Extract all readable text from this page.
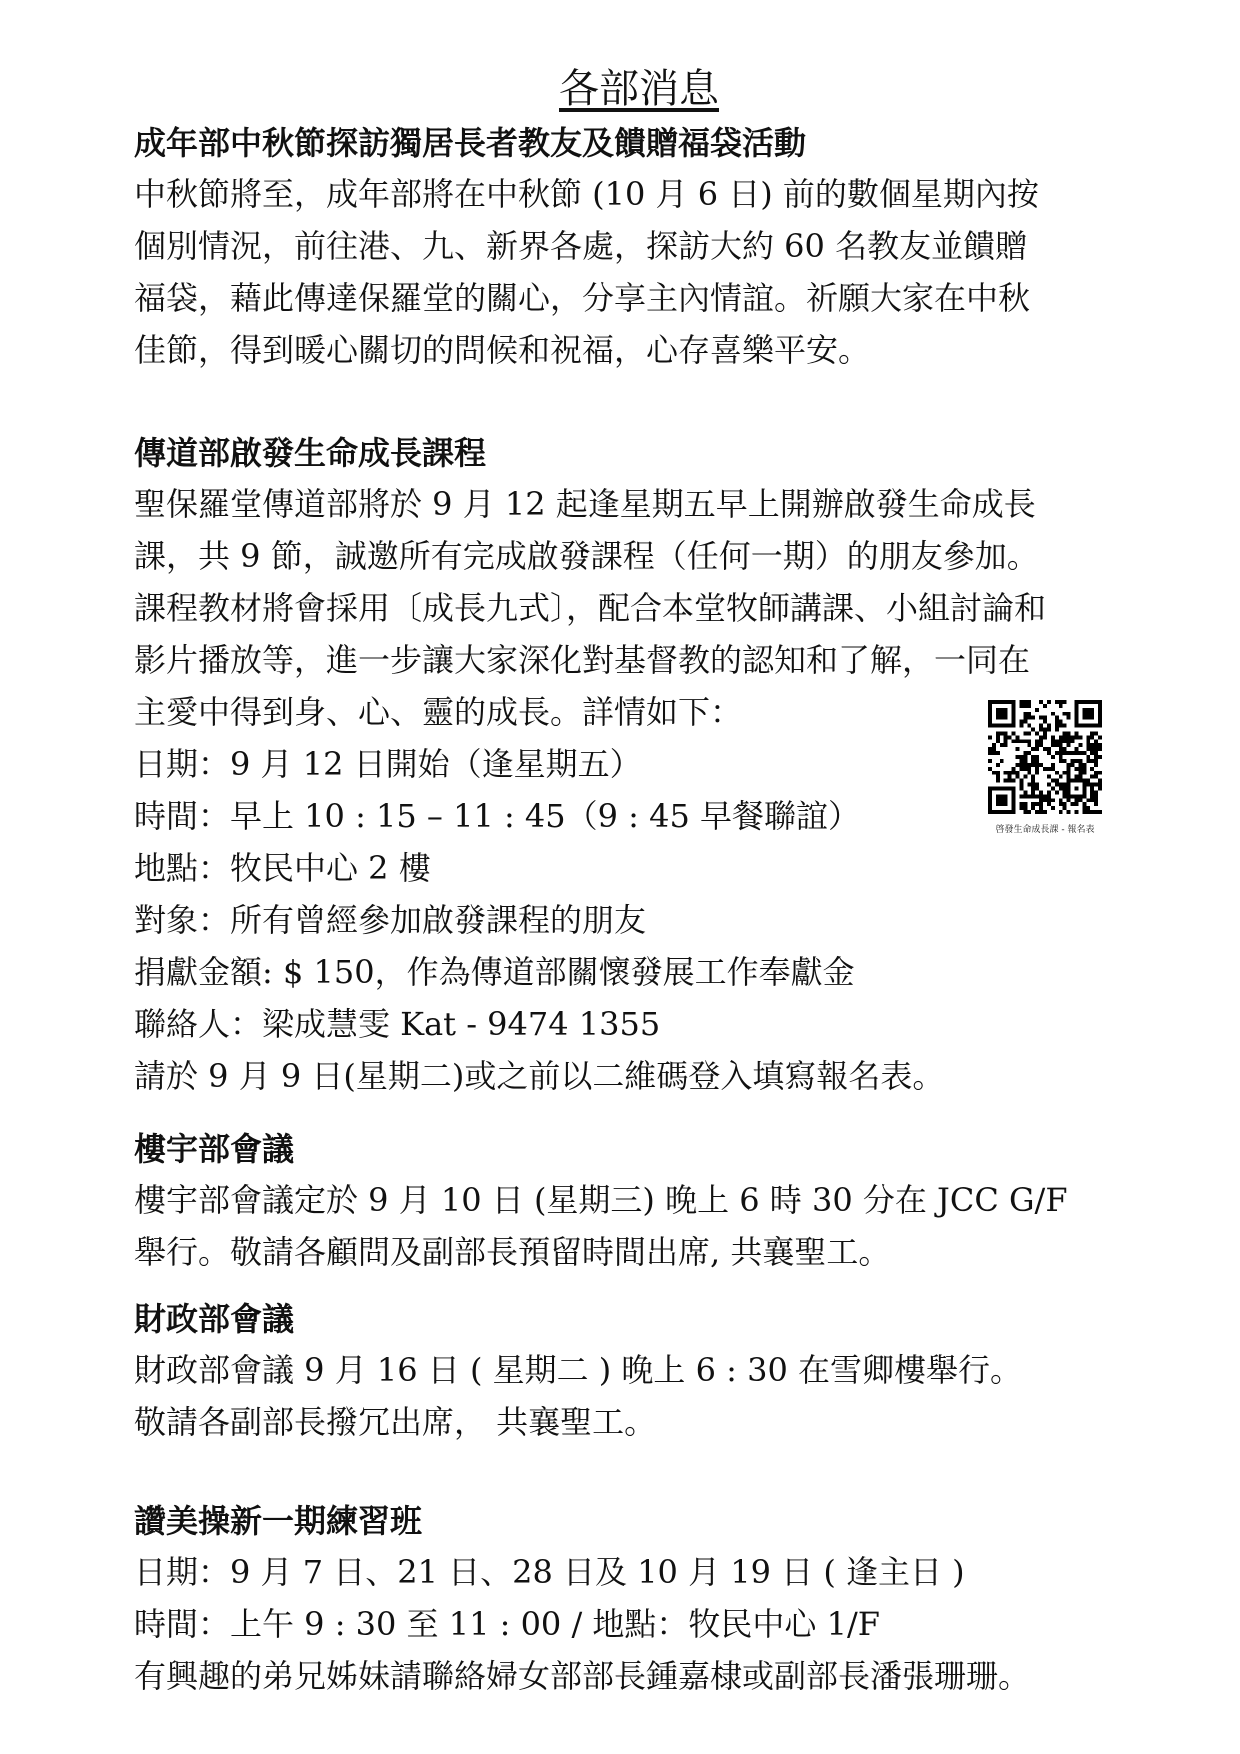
各部消息
成年部中秋節探訪獨居長者教友及饋贈福袋活動
中秋節將至，成年部將在中秋節 (10 月 6 日) 前的數個星期內按
個別情況，前往港、九、新界各處，探訪大約 60 名教友並饋贈
福袋，藉此傳達保羅堂的關心，分享主內情誼。祈願大家在中秋
佳節，得到暖心關切的問候和祝福，心存喜樂平安。
傳道部啟發生命成長課程
聖保羅堂傳道部將於 9 月 12 起逢星期五早上開辦啟發生命成長
課，共 9 節，誠邀所有完成啟發課程（任何一期）的朋友參加。
課程教材將會採用〔成長九式〕，配合本堂牧師講課、小組討論和
影片播放等，進一步讓大家深化對基督教的認知和了解，一同在
主愛中得到身、心、靈的成長。詳情如下：
日期：9 月 12 日開始（逢星期五）
時間：早上 10 : 15 – 11 : 45（9 : 45 早餐聯誼）
地點：牧民中心 2 樓
對象：所有曾經參加啟發課程的朋友
捐獻金額: $ 150，作為傳道部關懷發展工作奉獻金
聯絡人：梁成慧雯 Kat - 9474 1355
請於 9 月 9 日(星期二)或之前以二維碼登入填寫報名表。
樓宇部會議
樓宇部會議定於 9 月 10 日 (星期三) 晚上 6 時 30 分在 JCC G/F
舉行。敬請各顧問及副部長預留時間出席, 共襄聖工。
財政部會議
財政部會議 9 月 16 日 ( 星期二 ) 晚上 6 : 30 在雪卿樓舉行。
敬請各副部長撥冗出席， 共襄聖工。
讚美操新一期練習班
日期：9 月 7 日、21 日、28 日及 10 月 19 日 ( 逢主日 )
時間：上午 9 : 30 至 11 : 00 / 地點：牧民中心 1/F
有興趣的弟兄姊妹請聯絡婦女部部長鍾嘉棣或副部長潘張珊珊。
啓發生命成長課 - 報名表
